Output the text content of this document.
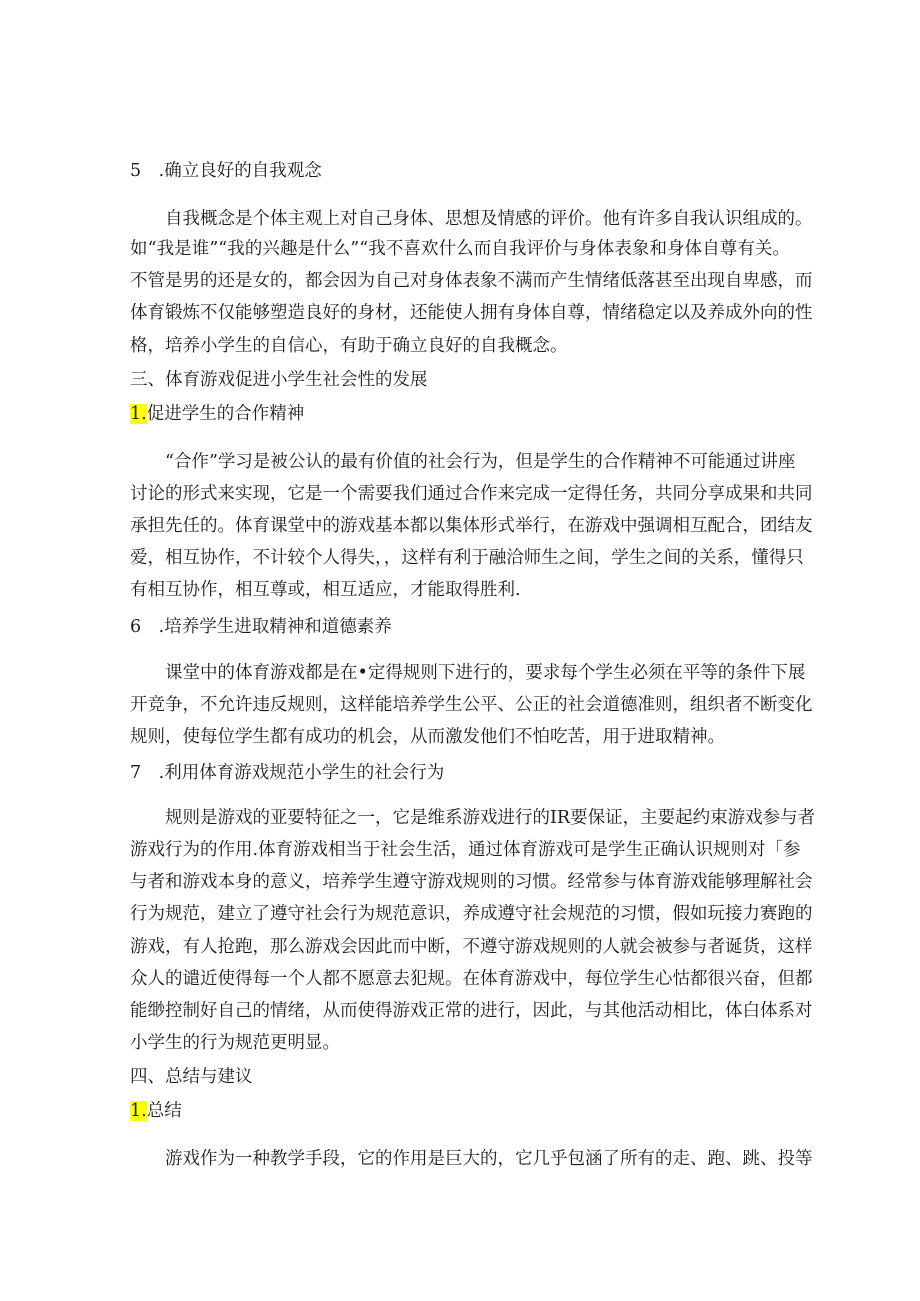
5　.确立良好的自我观念
　　自我概念是个体主观上对自己身体、思想及情感的评价。他有许多自我认识组成的。
如“我是谁”“我的兴趣是什么”“我不喜欢什么而自我评价与身体表象和身体自尊有关。
不管是男的还是女的，都会因为自己对身体表象不满而产生情绪低落甚至出现自卑感，而
体育锻炼不仅能够塑造良好的身材，还能使人拥有身体自尊，情绪稳定以及养成外向的性
格，培养小学生的自信心，有助于确立良好的自我概念。
三、体育游戏促进小学生社会性的发展
1.促进学生的合作精神
　　“合作”学习是被公认的最有价值的社会行为，但是学生的合作精神不可能通过讲座
讨论的形式来实现，它是一个需要我们通过合作来完成一定得任务，共同分享成果和共同
承担先任的。体育课堂中的游戏基本都以集体形式举行，在游戏中强调相互配合，团结友
爱，相互协作，不计较个人得失，，这样有利于融洽师生之间，学生之间的关系，懂得只
有相互协作，相互尊或，相互适应，才能取得胜利.
6　.培养学生进取精神和道德素养
　　课堂中的体育游戏都是在•定得规则下进行的，要求每个学生必须在平等的条件下展
开竞争，不允许违反规则，这样能培养学生公平、公正的社会道德准则，组织者不断变化
规则，使每位学生都有成功的机会，从而激发他们不怕吃苦，用于进取精神。
7　.利用体育游戏规范小学生的社会行为
　　规则是游戏的亚要特征之一，它是维系游戏进行的IR要保证，主要起约束游戏参与者
游戏行为的作用.体育游戏相当于社会生活，通过体育游戏可是学生正确认识规则对「参
与者和游戏本身的意义，培养学生遵守游戏规则的习惯。经常参与体育游戏能够理解社会
行为规范，建立了遵守社会行为规范意识，养成遵守社会规范的习惯，假如玩接力赛跑的
游戏，有人抢跑，那么游戏会因此而中断，不遵守游戏规则的人就会被参与者诞货，这样
众人的谴近使得每一个人都不愿意去犯规。在体育游戏中，每位学生心怙都很兴奋，但都
能缈控制好自己的情绪，从而使得游戏正常的进行，因此，与其他活动相比，体白体系对
小学生的行为规范更明显。
四、总结与建议
1.总结
　　游戏作为一种教学手段，它的作用是巨大的，它几乎包涵了所有的走、跑、跳、投等
